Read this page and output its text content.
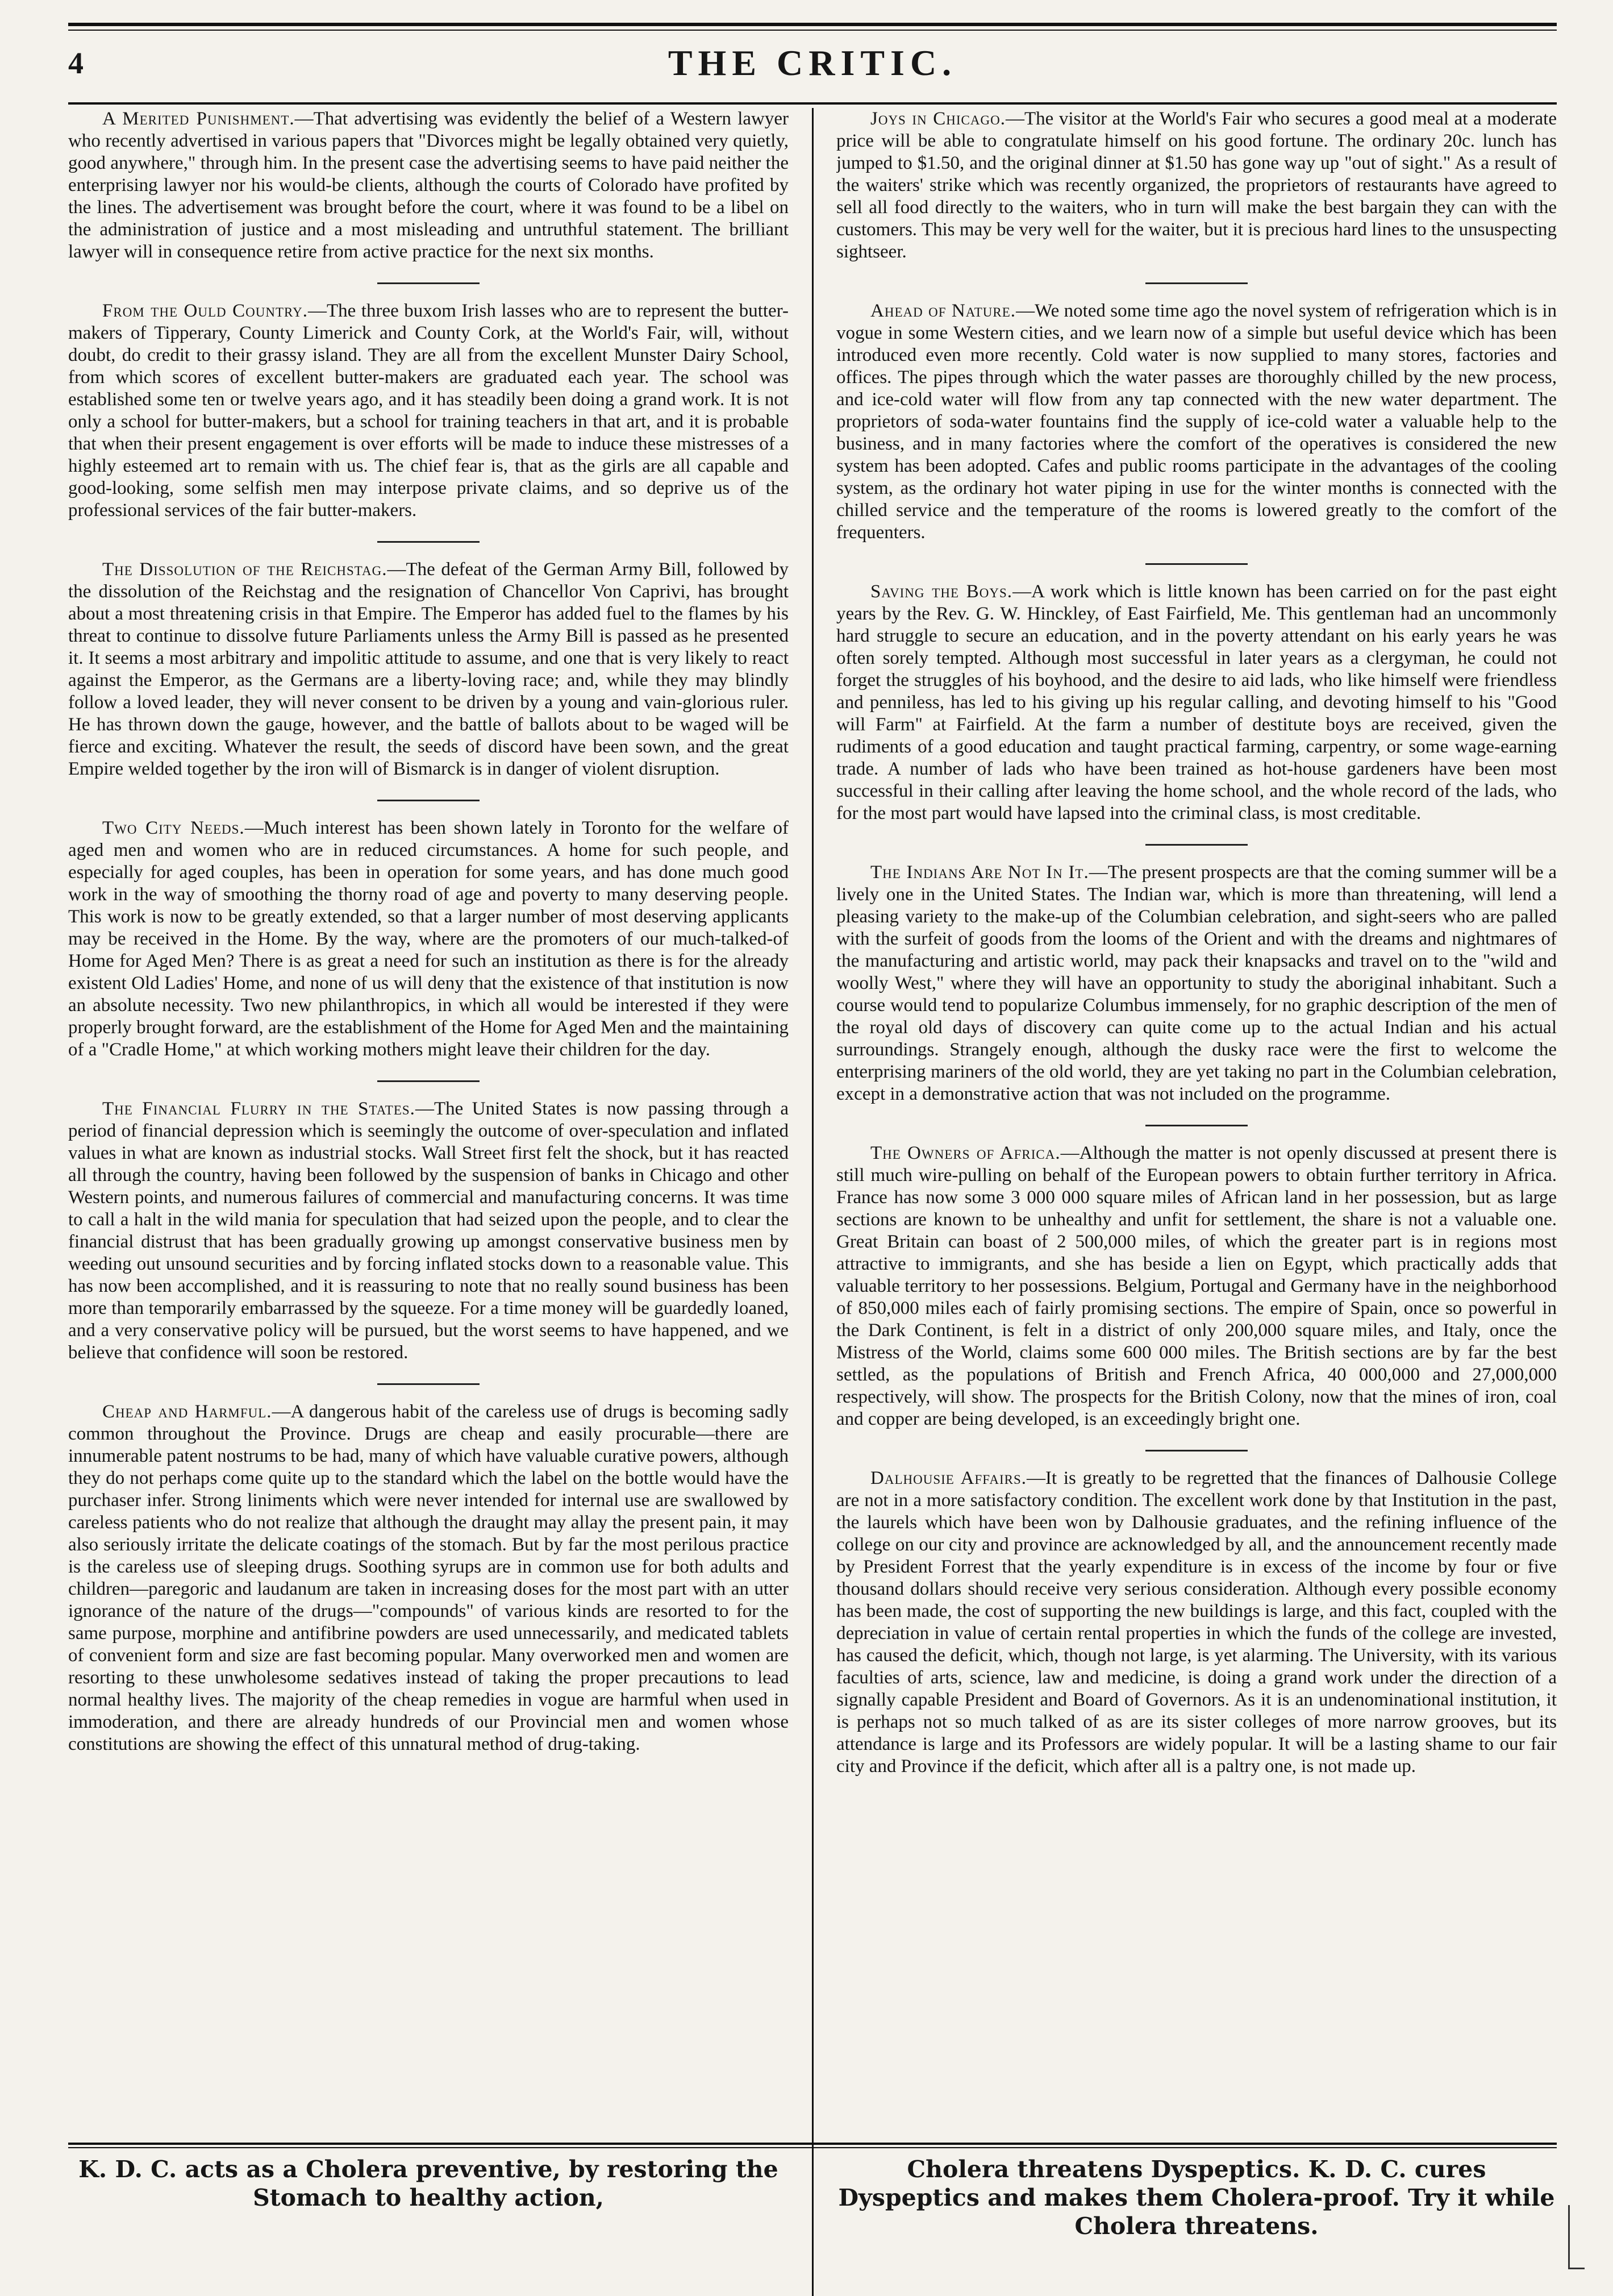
4	THE CRITIC.

A Merited Punishment.—That advertising was evidently the belief of a Western lawyer who recently advertised in various papers that "Divorces might be legally obtained very quietly, good anywhere," through him. In the present case the advertising seems to have paid neither the enterprising lawyer nor his would-be clients, although the courts of Colorado have profited by the lines. The advertisement was brought before the court, where it was found to be a libel on the administration of justice and a most misleading and untruthful statement. The brilliant lawyer will in consequence retire from active practice for the next six months.

From the Ould Country.—The three buxom Irish lasses who are to represent the butter-makers of Tipperary, County Limerick and County Cork, at the World's Fair, will, without doubt, do credit to their grassy island. They are all from the excellent Munster Dairy School, from which scores of excellent butter-makers are graduated each year. The school was established some ten or twelve years ago, and it has steadily been doing a grand work. It is not only a school for butter-makers, but a school for training teachers in that art, and it is probable that when their present engagement is over efforts will be made to induce these mistresses of a highly esteemed art to remain with us. The chief fear is, that as the girls are all capable and good-looking, some selfish men may interpose private claims, and so deprive us of the professional services of the fair butter-makers.

The Dissolution of the Reichstag.—The defeat of the German Army Bill, followed by the dissolution of the Reichstag and the resignation of Chancellor Von Caprivi, has brought about a most threatening crisis in that Empire. The Emperor has added fuel to the flames by his threat to continue to dissolve future Parliaments unless the Army Bill is passed as he presented it. It seems a most arbitrary and impolitic attitude to assume, and one that is very likely to react against the Emperor, as the Germans are a liberty-loving race; and, while they may blindly follow a loved leader, they will never consent to be driven by a young and vain-glorious ruler. He has thrown down the gauge, however, and the battle of ballots about to be waged will be fierce and exciting. Whatever the result, the seeds of discord have been sown, and the great Empire welded together by the iron will of Bismarck is in danger of violent disruption.

Two City Needs.—Much interest has been shown lately in Toronto for the welfare of aged men and women who are in reduced circumstances. A home for such people, and especially for aged couples, has been in operation for some years, and has done much good work in the way of smoothing the thorny road of age and poverty to many deserving people. This work is now to be greatly extended, so that a larger number of most deserving applicants may be received in the Home. By the way, where are the promoters of our much-talked-of Home for Aged Men? There is as great a need for such an institution as there is for the already existent Old Ladies' Home, and none of us will deny that the existence of that institution is now an absolute necessity. Two new philanthropics, in which all would be interested if they were properly brought forward, are the establishment of the Home for Aged Men and the maintaining of a "Cradle Home," at which working mothers might leave their children for the day.

The Financial Flurry in the States.—The United States is now passing through a period of financial depression which is seemingly the outcome of over-speculation and inflated values in what are known as industrial stocks. Wall Street first felt the shock, but it has reacted all through the country, having been followed by the suspension of banks in Chicago and other Western points, and numerous failures of commercial and manufacturing concerns. It was time to call a halt in the wild mania for speculation that had seized upon the people, and to clear the financial distrust that has been gradually growing up amongst conservative business men by weeding out unsound securities and by forcing inflated stocks down to a reasonable value. This has now been accomplished, and it is reassuring to note that no really sound business has been more than temporarily embarrassed by the squeeze. For a time money will be guardedly loaned, and a very conservative policy will be pursued, but the worst seems to have happened, and we believe that confidence will soon be restored.

Cheap and Harmful.—A dangerous habit of the careless use of drugs is becoming sadly common throughout the Province. Drugs are cheap and easily procurable—there are innumerable patent nostrums to be had, many of which have valuable curative powers, although they do not perhaps come quite up to the standard which the label on the bottle would have the purchaser infer. Strong liniments which were never intended for internal use are swallowed by careless patients who do not realize that although the draught may allay the present pain, it may also seriously irritate the delicate coatings of the stomach. But by far the most perilous practice is the careless use of sleeping drugs. Soothing syrups are in common use for both adults and children—paregoric and laudanum are taken in increasing doses for the most part with an utter ignorance of the nature of the drugs—"compounds" of various kinds are resorted to for the same purpose, morphine and antifibrine powders are used unnecessarily, and medicated tablets of convenient form and size are fast becoming popular. Many overworked men and women are resorting to these unwholesome sedatives instead of taking the proper precautions to lead normal healthy lives. The majority of the cheap remedies in vogue are harmful when used in immoderation, and there are already hundreds of our Provincial men and women whose constitutions are showing the effect of this unnatural method of drug-taking.

Joys in Chicago.—The visitor at the World's Fair who secures a good meal at a moderate price will be able to congratulate himself on his good fortune. The ordinary 20c. lunch has jumped to $1.50, and the original dinner at $1.50 has gone way up "out of sight." As a result of the waiters' strike which was recently organized, the proprietors of restaurants have agreed to sell all food directly to the waiters, who in turn will make the best bargain they can with the customers. This may be very well for the waiter, but it is precious hard lines to the unsuspecting sightseer.

Ahead of Nature.—We noted some time ago the novel system of refrigeration which is in vogue in some Western cities, and we learn now of a simple but useful device which has been introduced even more recently. Cold water is now supplied to many stores, factories and offices. The pipes through which the water passes are thoroughly chilled by the new process, and ice-cold water will flow from any tap connected with the new water department. The proprietors of soda-water fountains find the supply of ice-cold water a valuable help to the business, and in many factories where the comfort of the operatives is considered the new system has been adopted. Cafes and public rooms participate in the advantages of the cooling system, as the ordinary hot water piping in use for the winter months is connected with the chilled service and the temperature of the rooms is lowered greatly to the comfort of the frequenters.

Saving the Boys.—A work which is little known has been carried on for the past eight years by the Rev. G. W. Hinckley, of East Fairfield, Me. This gentleman had an uncommonly hard struggle to secure an education, and in the poverty attendant on his early years he was often sorely tempted. Although most successful in later years as a clergyman, he could not forget the struggles of his boyhood, and the desire to aid lads, who like himself were friendless and penniless, has led to his giving up his regular calling, and devoting himself to his "Good will Farm" at Fairfield. At the farm a number of destitute boys are received, given the rudiments of a good education and taught practical farming, carpentry, or some wage-earning trade. A number of lads who have been trained as hot-house gardeners have been most successful in their calling after leaving the home school, and the whole record of the lads, who for the most part would have lapsed into the criminal class, is most creditable.

The Indians Are Not In It.—The present prospects are that the coming summer will be a lively one in the United States. The Indian war, which is more than threatening, will lend a pleasing variety to the make-up of the Columbian celebration, and sight-seers who are palled with the surfeit of goods from the looms of the Orient and with the dreams and nightmares of the manufacturing and artistic world, may pack their knapsacks and travel on to the "wild and woolly West," where they will have an opportunity to study the aboriginal inhabitant. Such a course would tend to popularize Columbus immensely, for no graphic description of the men of the royal old days of discovery can quite come up to the actual Indian and his actual surroundings. Strangely enough, although the dusky race were the first to welcome the enterprising mariners of the old world, they are yet taking no part in the Columbian celebration, except in a demonstrative action that was not included on the programme.

The Owners of Africa.—Although the matter is not openly discussed at present there is still much wire-pulling on behalf of the European powers to obtain further territory in Africa. France has now some 3 000 000 square miles of African land in her possession, but as large sections are known to be unhealthy and unfit for settlement, the share is not a valuable one. Great Britain can boast of 2 500,000 miles, of which the greater part is in regions most attractive to immigrants, and she has beside a lien on Egypt, which practically adds that valuable territory to her possessions. Belgium, Portugal and Germany have in the neighborhood of 850,000 miles each of fairly promising sections. The empire of Spain, once so powerful in the Dark Continent, is felt in a district of only 200,000 square miles, and Italy, once the Mistress of the World, claims some 600 000 miles. The British sections are by far the best settled, as the populations of British and French Africa, 40 000,000 and 27,000,000 respectively, will show. The prospects for the British Colony, now that the mines of iron, coal and copper are being developed, is an exceedingly bright one.

Dalhousie Affairs.—It is greatly to be regretted that the finances of Dalhousie College are not in a more satisfactory condition. The excellent work done by that Institution in the past, the laurels which have been won by Dalhousie graduates, and the refining influence of the college on our city and province are acknowledged by all, and the announcement recently made by President Forrest that the yearly expenditure is in excess of the income by four or five thousand dollars should receive very serious consideration. Although every possible economy has been made, the cost of supporting the new buildings is large, and this fact, coupled with the depreciation in value of certain rental properties in which the funds of the college are invested, has caused the deficit, which, though not large, is yet alarming. The University, with its various faculties of arts, science, law and medicine, is doing a grand work under the direction of a signally capable President and Board of Governors. As it is an undenominational institution, it is perhaps not so much talked of as are its sister colleges of more narrow grooves, but its attendance is large and its Professors are widely popular. It will be a lasting shame to our fair city and Province if the deficit, which after all is a paltry one, is not made up.

K. D. C. acts as a Cholera preventive, by restoring the Stomach to healthy action,
Cholera threatens Dyspeptics. K. D. C. cures Dyspeptics and makes them Cholera-proof. Try it while Cholera threatens.
